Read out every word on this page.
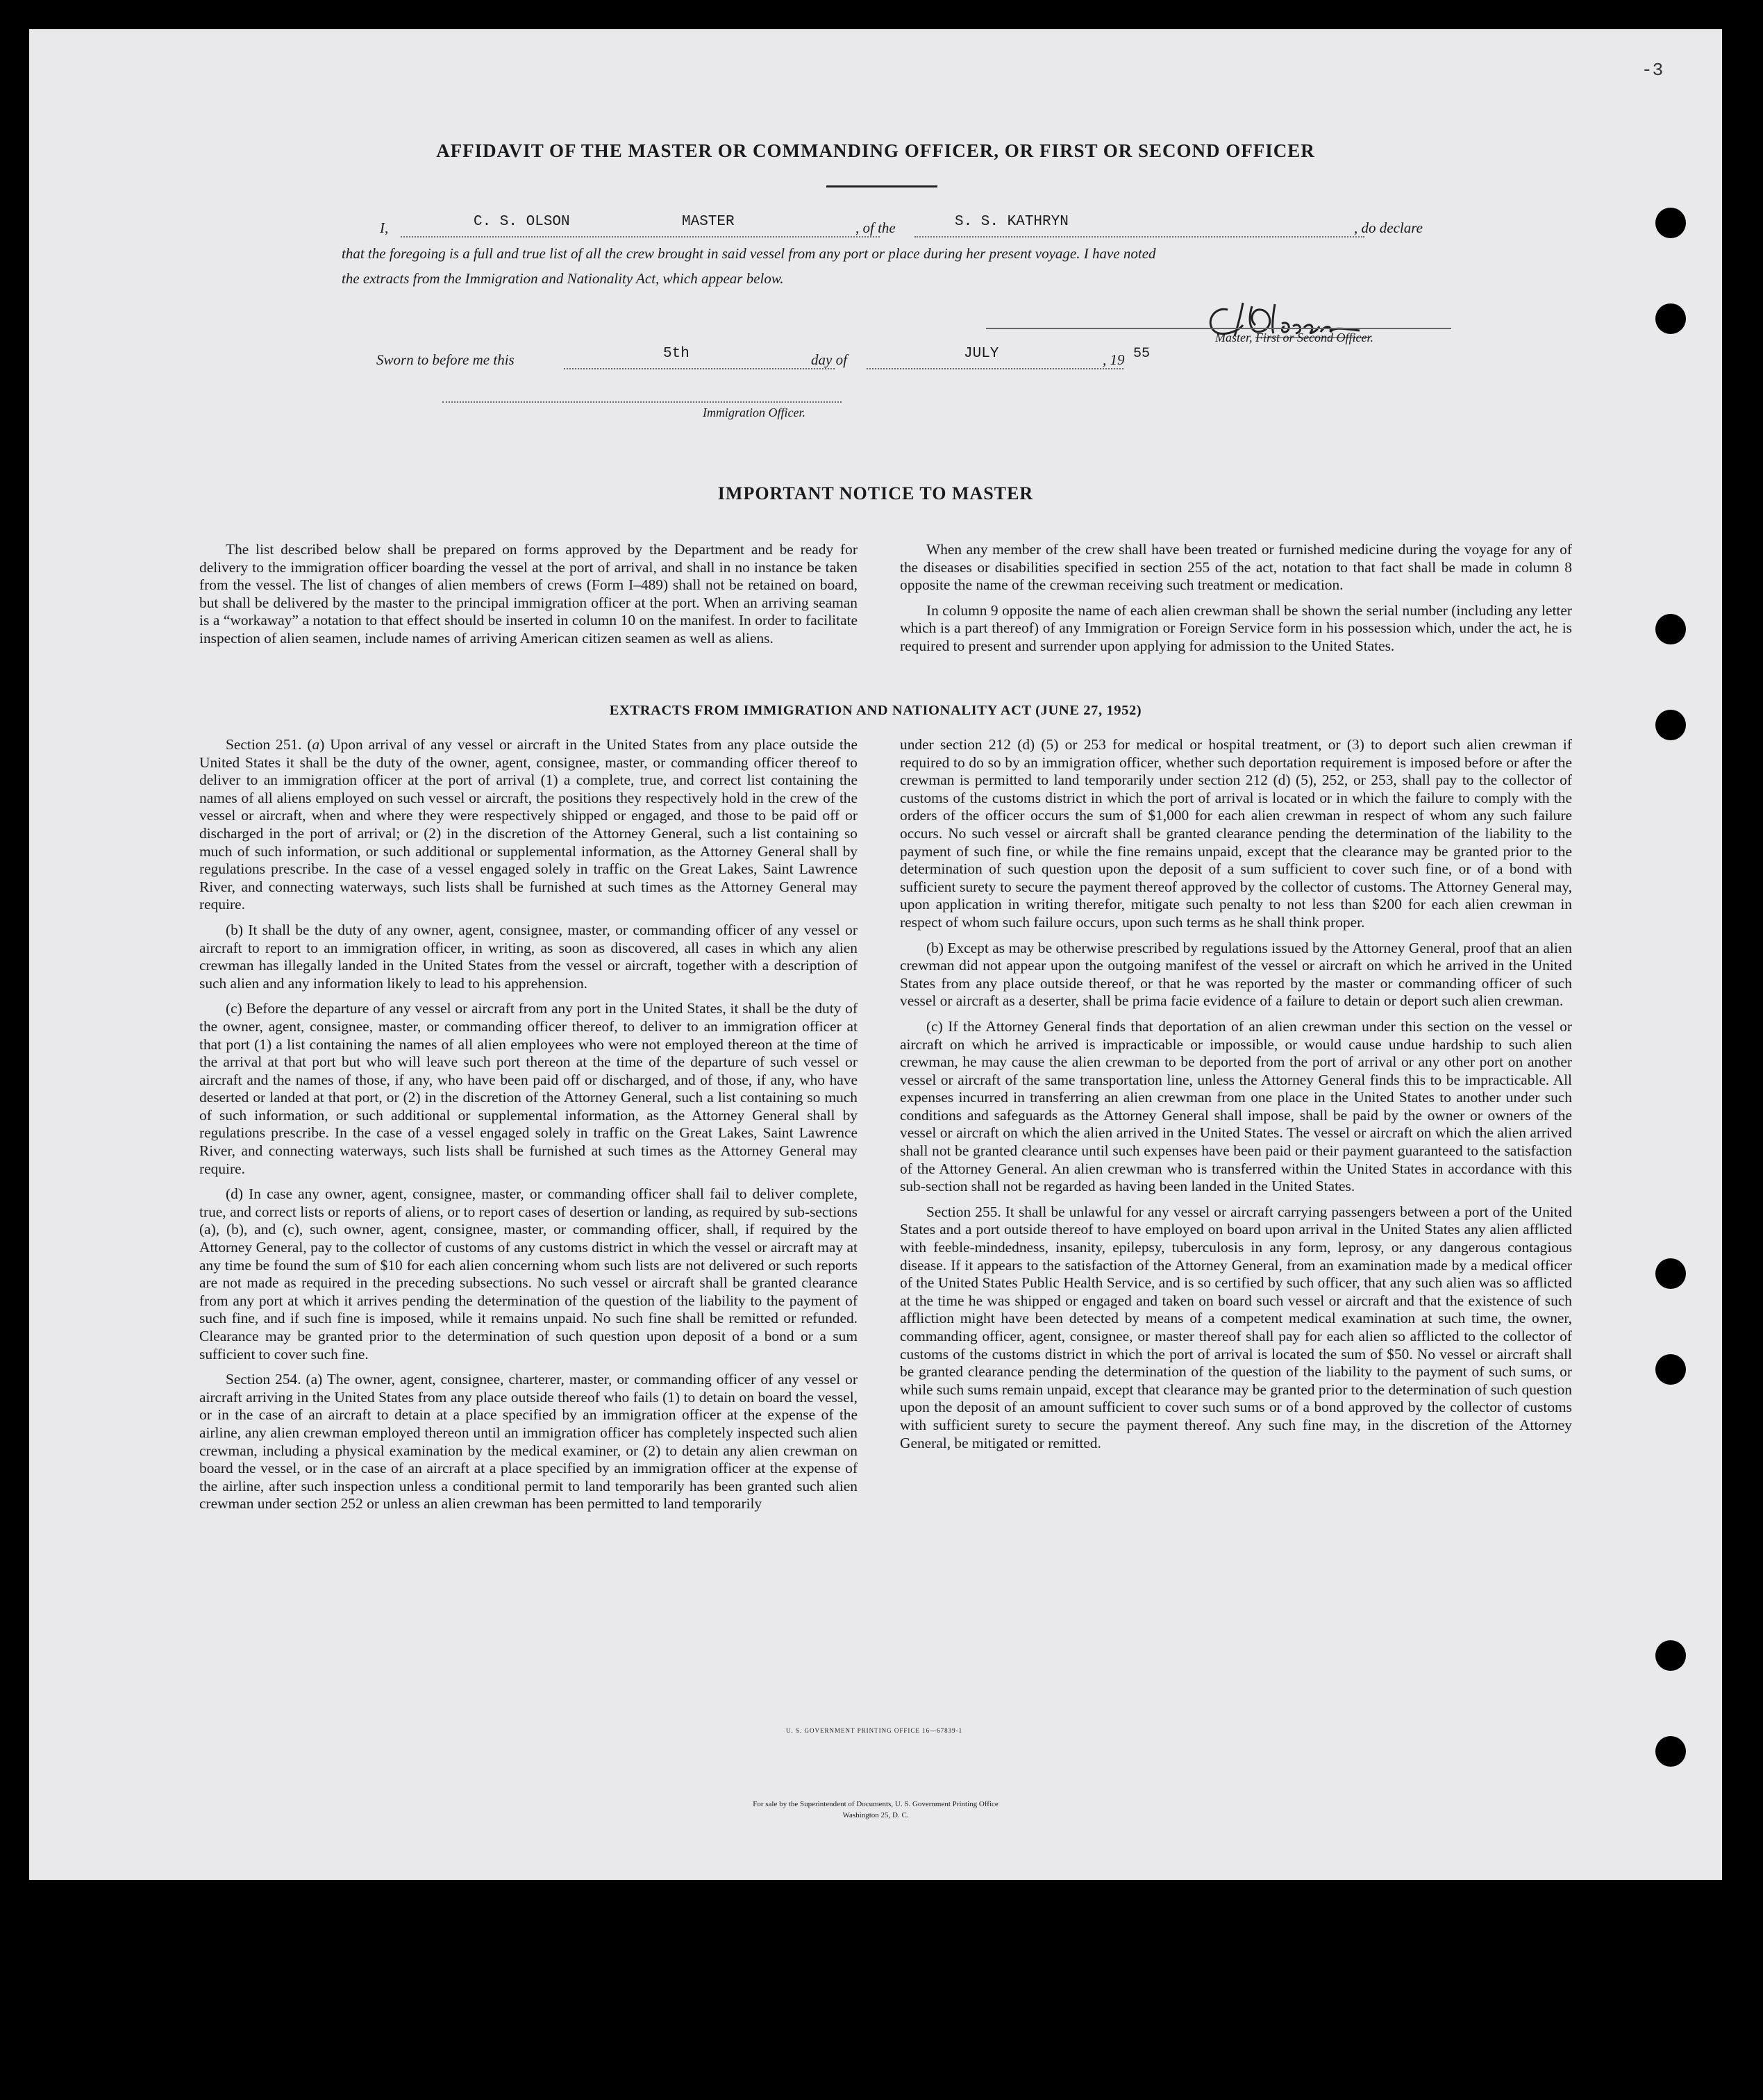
-3
AFFIDAVIT OF THE MASTER OR COMMANDING OFFICER, OR FIRST OR SECOND OFFICER
I,	C. S. OLSON	MASTER	, of the	S. S. KATHRYN	, do declare
that the foregoing is a full and true list of all the crew brought in said vessel from any port or place during her present voyage. I have noted
the extracts from the Immigration and Nationality Act, which appear below.
Master, First or Second Officer.
Sworn to before me this	5th	day of	JULY	, 19 55
Immigration Officer.
IMPORTANT NOTICE TO MASTER

The list described below shall be prepared on forms approved by the Department and be ready for delivery to the immigration officer boarding the vessel at the port of arrival, and shall in no instance be taken from the vessel. The list of changes of alien members of crews (Form I–489) shall not be retained on board, but shall be delivered by the master to the principal immigration officer at the port. When an arriving seaman is a “workaway” a notation to that effect should be inserted in column 10 on the manifest. In order to facilitate inspection of alien seamen, include names of arriving American citizen seamen as well as aliens.

When any member of the crew shall have been treated or furnished medicine during the voyage for any of the diseases or disabilities specified in section 255 of the act, notation to that fact shall be made in column 8 opposite the name of the crewman receiving such treatment or medication.

In column 9 opposite the name of each alien crewman shall be shown the serial number (including any letter which is a part thereof) of any Immigration or Foreign Service form in his possession which, under the act, he is required to present and surrender upon applying for admission to the United States.

EXTRACTS FROM IMMIGRATION AND NATIONALITY ACT (JUNE 27, 1952)

Section 251. (a) Upon arrival of any vessel or aircraft in the United States from any place outside the United States it shall be the duty of the owner, agent, consignee, master, or commanding officer thereof to deliver to an immigration officer at the port of arrival (1) a complete, true, and correct list containing the names of all aliens employed on such vessel or aircraft, the positions they respectively hold in the crew of the vessel or aircraft, when and where they were respectively shipped or engaged, and those to be paid off or discharged in the port of arrival; or (2) in the discretion of the Attorney General, such a list containing so much of such information, or such additional or supplemental information, as the Attorney General shall by regulations prescribe. In the case of a vessel engaged solely in traffic on the Great Lakes, Saint Lawrence River, and connecting waterways, such lists shall be furnished at such times as the Attorney General may require.

(b) It shall be the duty of any owner, agent, consignee, master, or commanding officer of any vessel or aircraft to report to an immigration officer, in writing, as soon as discovered, all cases in which any alien crewman has illegally landed in the United States from the vessel or aircraft, together with a description of such alien and any information likely to lead to his apprehension.

(c) Before the departure of any vessel or aircraft from any port in the United States, it shall be the duty of the owner, agent, consignee, master, or commanding officer thereof, to deliver to an immigration officer at that port (1) a list containing the names of all alien employees who were not employed thereon at the time of the arrival at that port but who will leave such port thereon at the time of the departure of such vessel or aircraft and the names of those, if any, who have been paid off or discharged, and of those, if any, who have deserted or landed at that port, or (2) in the discretion of the Attorney General, such a list containing so much of such information, or such additional or supplemental information, as the Attorney General shall by regulations prescribe. In the case of a vessel engaged solely in traffic on the Great Lakes, Saint Lawrence River, and connecting waterways, such lists shall be furnished at such times as the Attorney General may require.

(d) In case any owner, agent, consignee, master, or commanding officer shall fail to deliver complete, true, and correct lists or reports of aliens, or to report cases of desertion or landing, as required by sub-sections (a), (b), and (c), such owner, agent, consignee, master, or commanding officer, shall, if required by the Attorney General, pay to the collector of customs of any customs district in which the vessel or aircraft may at any time be found the sum of $10 for each alien concerning whom such lists are not delivered or such reports are not made as required in the preceding subsections. No such vessel or aircraft shall be granted clearance from any port at which it arrives pending the determination of the question of the liability to the payment of such fine, and if such fine is imposed, while it remains unpaid. No such fine shall be remitted or refunded. Clearance may be granted prior to the determination of such question upon deposit of a bond or a sum sufficient to cover such fine.

Section 254. (a) The owner, agent, consignee, charterer, master, or commanding officer of any vessel or aircraft arriving in the United States from any place outside thereof who fails (1) to detain on board the vessel, or in the case of an aircraft to detain at a place specified by an immigration officer at the expense of the airline, any alien crewman employed thereon until an immigration officer has completely inspected such alien crewman, including a physical examination by the medical examiner, or (2) to detain any alien crewman on board the vessel, or in the case of an aircraft at a place specified by an immigration officer at the expense of the airline, after such inspection unless a conditional permit to land temporarily has been granted such alien crewman under section 252 or unless an alien crewman has been permitted to land temporarily

under section 212 (d) (5) or 253 for medical or hospital treatment, or (3) to deport such alien crewman if required to do so by an immigration officer, whether such deportation requirement is imposed before or after the crewman is permitted to land temporarily under section 212 (d) (5), 252, or 253, shall pay to the collector of customs of the customs district in which the port of arrival is located or in which the failure to comply with the orders of the officer occurs the sum of $1,000 for each alien crewman in respect of whom any such failure occurs. No such vessel or aircraft shall be granted clearance pending the determination of the liability to the payment of such fine, or while the fine remains unpaid, except that the clearance may be granted prior to the determination of such question upon the deposit of a sum sufficient to cover such fine, or of a bond with sufficient surety to secure the payment thereof approved by the collector of customs. The Attorney General may, upon application in writing therefor, mitigate such penalty to not less than $200 for each alien crewman in respect of whom such failure occurs, upon such terms as he shall think proper.

(b) Except as may be otherwise prescribed by regulations issued by the Attorney General, proof that an alien crewman did not appear upon the outgoing manifest of the vessel or aircraft on which he arrived in the United States from any place outside thereof, or that he was reported by the master or commanding officer of such vessel or aircraft as a deserter, shall be prima facie evidence of a failure to detain or deport such alien crewman.

(c) If the Attorney General finds that deportation of an alien crewman under this section on the vessel or aircraft on which he arrived is impracticable or impossible, or would cause undue hardship to such alien crewman, he may cause the alien crewman to be deported from the port of arrival or any other port on another vessel or aircraft of the same transportation line, unless the Attorney General finds this to be impracticable. All expenses incurred in transferring an alien crewman from one place in the United States to another under such conditions and safeguards as the Attorney General shall impose, shall be paid by the owner or owners of the vessel or aircraft on which the alien arrived in the United States. The vessel or aircraft on which the alien arrived shall not be granted clearance until such expenses have been paid or their payment guaranteed to the satisfaction of the Attorney General. An alien crewman who is transferred within the United States in accordance with this sub-section shall not be regarded as having been landed in the United States.

Section 255. It shall be unlawful for any vessel or aircraft carrying passengers between a port of the United States and a port outside thereof to have employed on board upon arrival in the United States any alien afflicted with feeble-mindedness, insanity, epilepsy, tuberculosis in any form, leprosy, or any dangerous contagious disease. If it appears to the satisfaction of the Attorney General, from an examination made by a medical officer of the United States Public Health Service, and is so certified by such officer, that any such alien was so afflicted at the time he was shipped or engaged and taken on board such vessel or aircraft and that the existence of such affliction might have been detected by means of a competent medical examination at such time, the owner, commanding officer, agent, consignee, or master thereof shall pay for each alien so afflicted to the collector of customs of the customs district in which the port of arrival is located the sum of $50. No vessel or aircraft shall be granted clearance pending the determination of the question of the liability to the payment of such sums, or while such sums remain unpaid, except that clearance may be granted prior to the determination of such question upon the deposit of an amount sufficient to cover such sums or of a bond approved by the collector of customs with sufficient surety to secure the payment thereof. Any such fine may, in the discretion of the Attorney General, be mitigated or remitted.

U. S. GOVERNMENT PRINTING OFFICE 16—67839-1
For sale by the Superintendent of Documents, U. S. Government Printing Office
Washington 25, D. C.
